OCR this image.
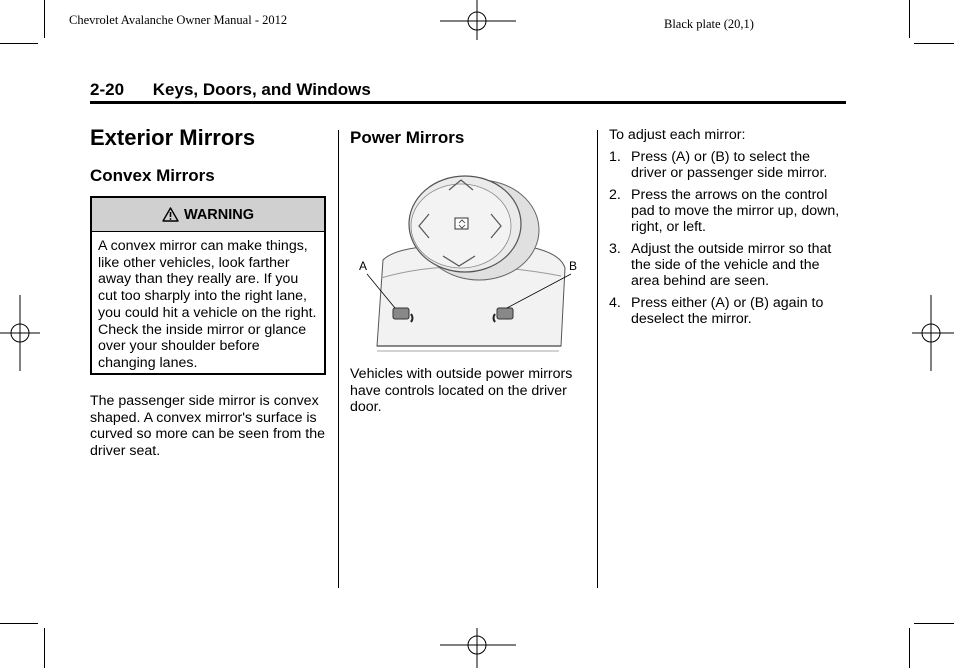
Chevrolet Avalanche Owner Manual - 2012	Black plate (20,1)
2-20 Keys, Doors, and Windows
Exterior Mirrors
Convex Mirrors
WARNING
A convex mirror can make things, like other vehicles, look farther away than they really are. If you cut too sharply into the right lane, you could hit a vehicle on the right. Check the inside mirror or glance over your shoulder before changing lanes.
The passenger side mirror is convex shaped. A convex mirror's surface is curved so more can be seen from the driver seat.
Power Mirrors
A	B
Vehicles with outside power mirrors have controls located on the driver door.
To adjust each mirror:
1. Press (A) or (B) to select the driver or passenger side mirror.
2. Press the arrows on the control pad to move the mirror up, down, right, or left.
3. Adjust the outside mirror so that the side of the vehicle and the area behind are seen.
4. Press either (A) or (B) again to deselect the mirror.
